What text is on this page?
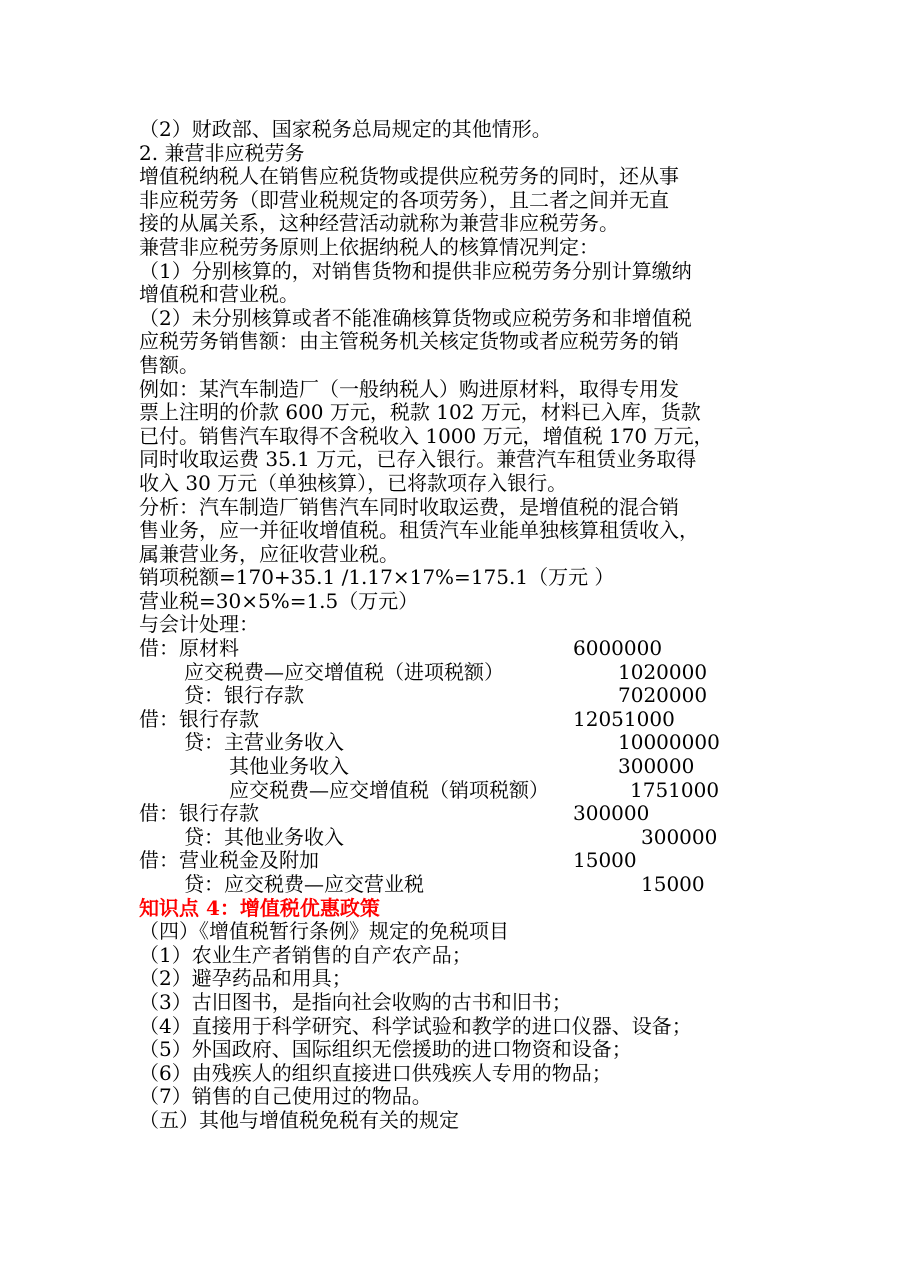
（2）财政部、国家税务总局规定的其他情形。
2. 兼营非应税劳务
增值税纳税人在销售应税货物或提供应税劳务的同时，还从事
非应税劳务（即营业税规定的各项劳务），且二者之间并无直
接的从属关系，这种经营活动就称为兼营非应税劳务。
兼营非应税劳务原则上依据纳税人的核算情况判定：
（1）分别核算的，对销售货物和提供非应税劳务分别计算缴纳
增值税和营业税。
（2）未分别核算或者不能准确核算货物或应税劳务和非增值税
应税劳务销售额：由主管税务机关核定货物或者应税劳务的销
售额。
例如：某汽车制造厂（一般纳税人）购进原材料，取得专用发
票上注明的价款 600 万元，税款 102 万元，材料已入库，货款
已付。销售汽车取得不含税收入 1000 万元，增值税 170 万元，
同时收取运费 35.1 万元，已存入银行。兼营汽车租赁业务取得
收入 30 万元（单独核算），已将款项存入银行。
分析：汽车制造厂销售汽车同时收取运费，是增值税的混合销
售业务，应一并征收增值税。租赁汽车业能单独核算租赁收入，
属兼营业务，应征收营业税。
销项税额=170+35.1 /1.17×17%=175.1（万元 ）
营业税=30×5%=1.5（万元）
与会计处理：
借：原材料	6000000
应交税费—应交增值税（进项税额）	1020000
贷：银行存款	7020000
借：银行存款	12051000
贷：主营业务收入	10000000
其他业务收入	300000
应交税费—应交增值税（销项税额）	1751000
借：银行存款	300000
贷：其他业务收入	300000
借：营业税金及附加	15000
贷：应交税费—应交营业税	15000
知识点 4：增值税优惠政策
（四）《增值税暂行条例》规定的免税项目
（1）农业生产者销售的自产农产品；
（2）避孕药品和用具；
（3）古旧图书，是指向社会收购的古书和旧书；
（4）直接用于科学研究、科学试验和教学的进口仪器、设备；
（5）外国政府、国际组织无偿援助的进口物资和设备；
（6）由残疾人的组织直接进口供残疾人专用的物品；
（7）销售的自己使用过的物品。
（五）其他与增值税免税有关的规定
